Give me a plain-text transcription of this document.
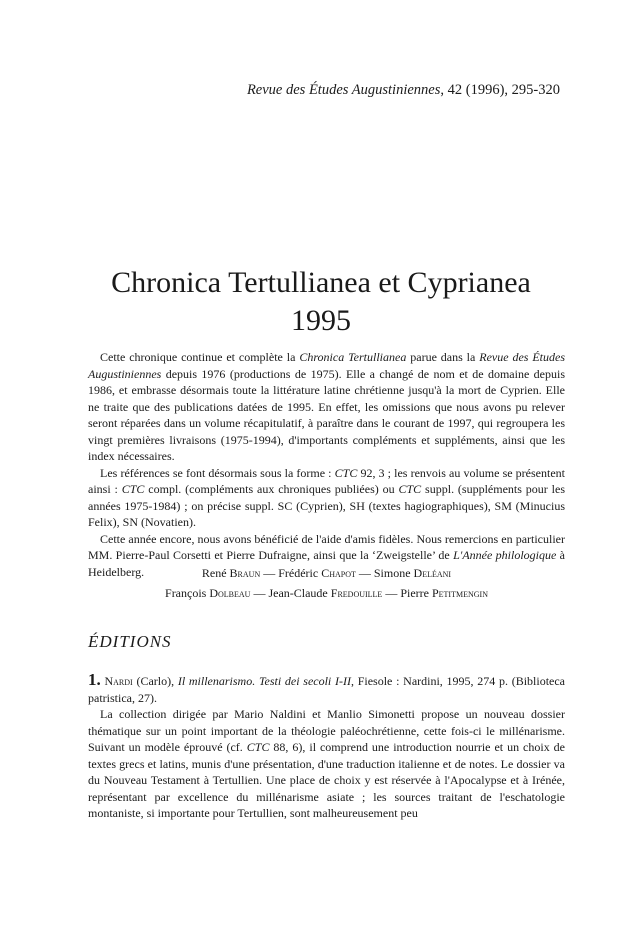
Revue des Études Augustiniennes, 42 (1996), 295-320
Chronica Tertullianea et Cyprianea
1995

Cette chronique continue et complète la Chronica Tertullianea parue dans la Revue des Études Augustiniennes depuis 1976 (productions de 1975). Elle a changé de nom et de domaine depuis 1986, et embrasse désormais toute la littérature latine chrétienne jusqu'à la mort de Cyprien. Elle ne traite que des publications datées de 1995. En effet, les omissions que nous avons pu relever seront réparées dans un volume récapitulatif, à paraître dans le courant de 1997, qui regroupera les vingt premières livraisons (1975-1994), d'importants compléments et suppléments, ainsi que les index nécessaires.

Les références se font désormais sous la forme : CTC 92, 3 ; les renvois au volume se présentent ainsi : CTC compl. (compléments aux chroniques publiées) ou CTC suppl. (suppléments pour les années 1975-1984) ; on précise suppl. SC (Cyprien), SH (textes hagiographiques), SM (Minucius Felix), SN (Novatien).

Cette année encore, nous avons bénéficié de l'aide d'amis fidèles. Nous remercions en particulier MM. Pierre-Paul Corsetti et Pierre Dufraigne, ainsi que la ‘Zweigstelle’ de L'Année philologique à Heidelberg.	René Braun — Frédéric Chapot — Simone Deléani
François Dolbeau — Jean-Claude Fredouille — Pierre Petitmengin
ÉDITIONS

1. Nardi (Carlo), Il millenarismo. Testi dei secoli I-II, Fiesole : Nardini, 1995, 274 p. (Biblioteca patristica, 27).

La collection dirigée par Mario Naldini et Manlio Simonetti propose un nouveau dossier thématique sur un point important de la théologie paléochrétienne, cette fois-ci le millénarisme. Suivant un modèle éprouvé (cf. CTC 88, 6), il comprend une introduction nourrie et un choix de textes grecs et latins, munis d'une présentation, d'une traduction italienne et de notes. Le dossier va du Nouveau Testament à Tertullien. Une place de choix y est réservée à l'Apocalypse et à Irénée, représentant par excellence du millénarisme asiate ; les sources traitant de l'eschatologie montaniste, si importante pour Tertullien, sont malheureusement peu
